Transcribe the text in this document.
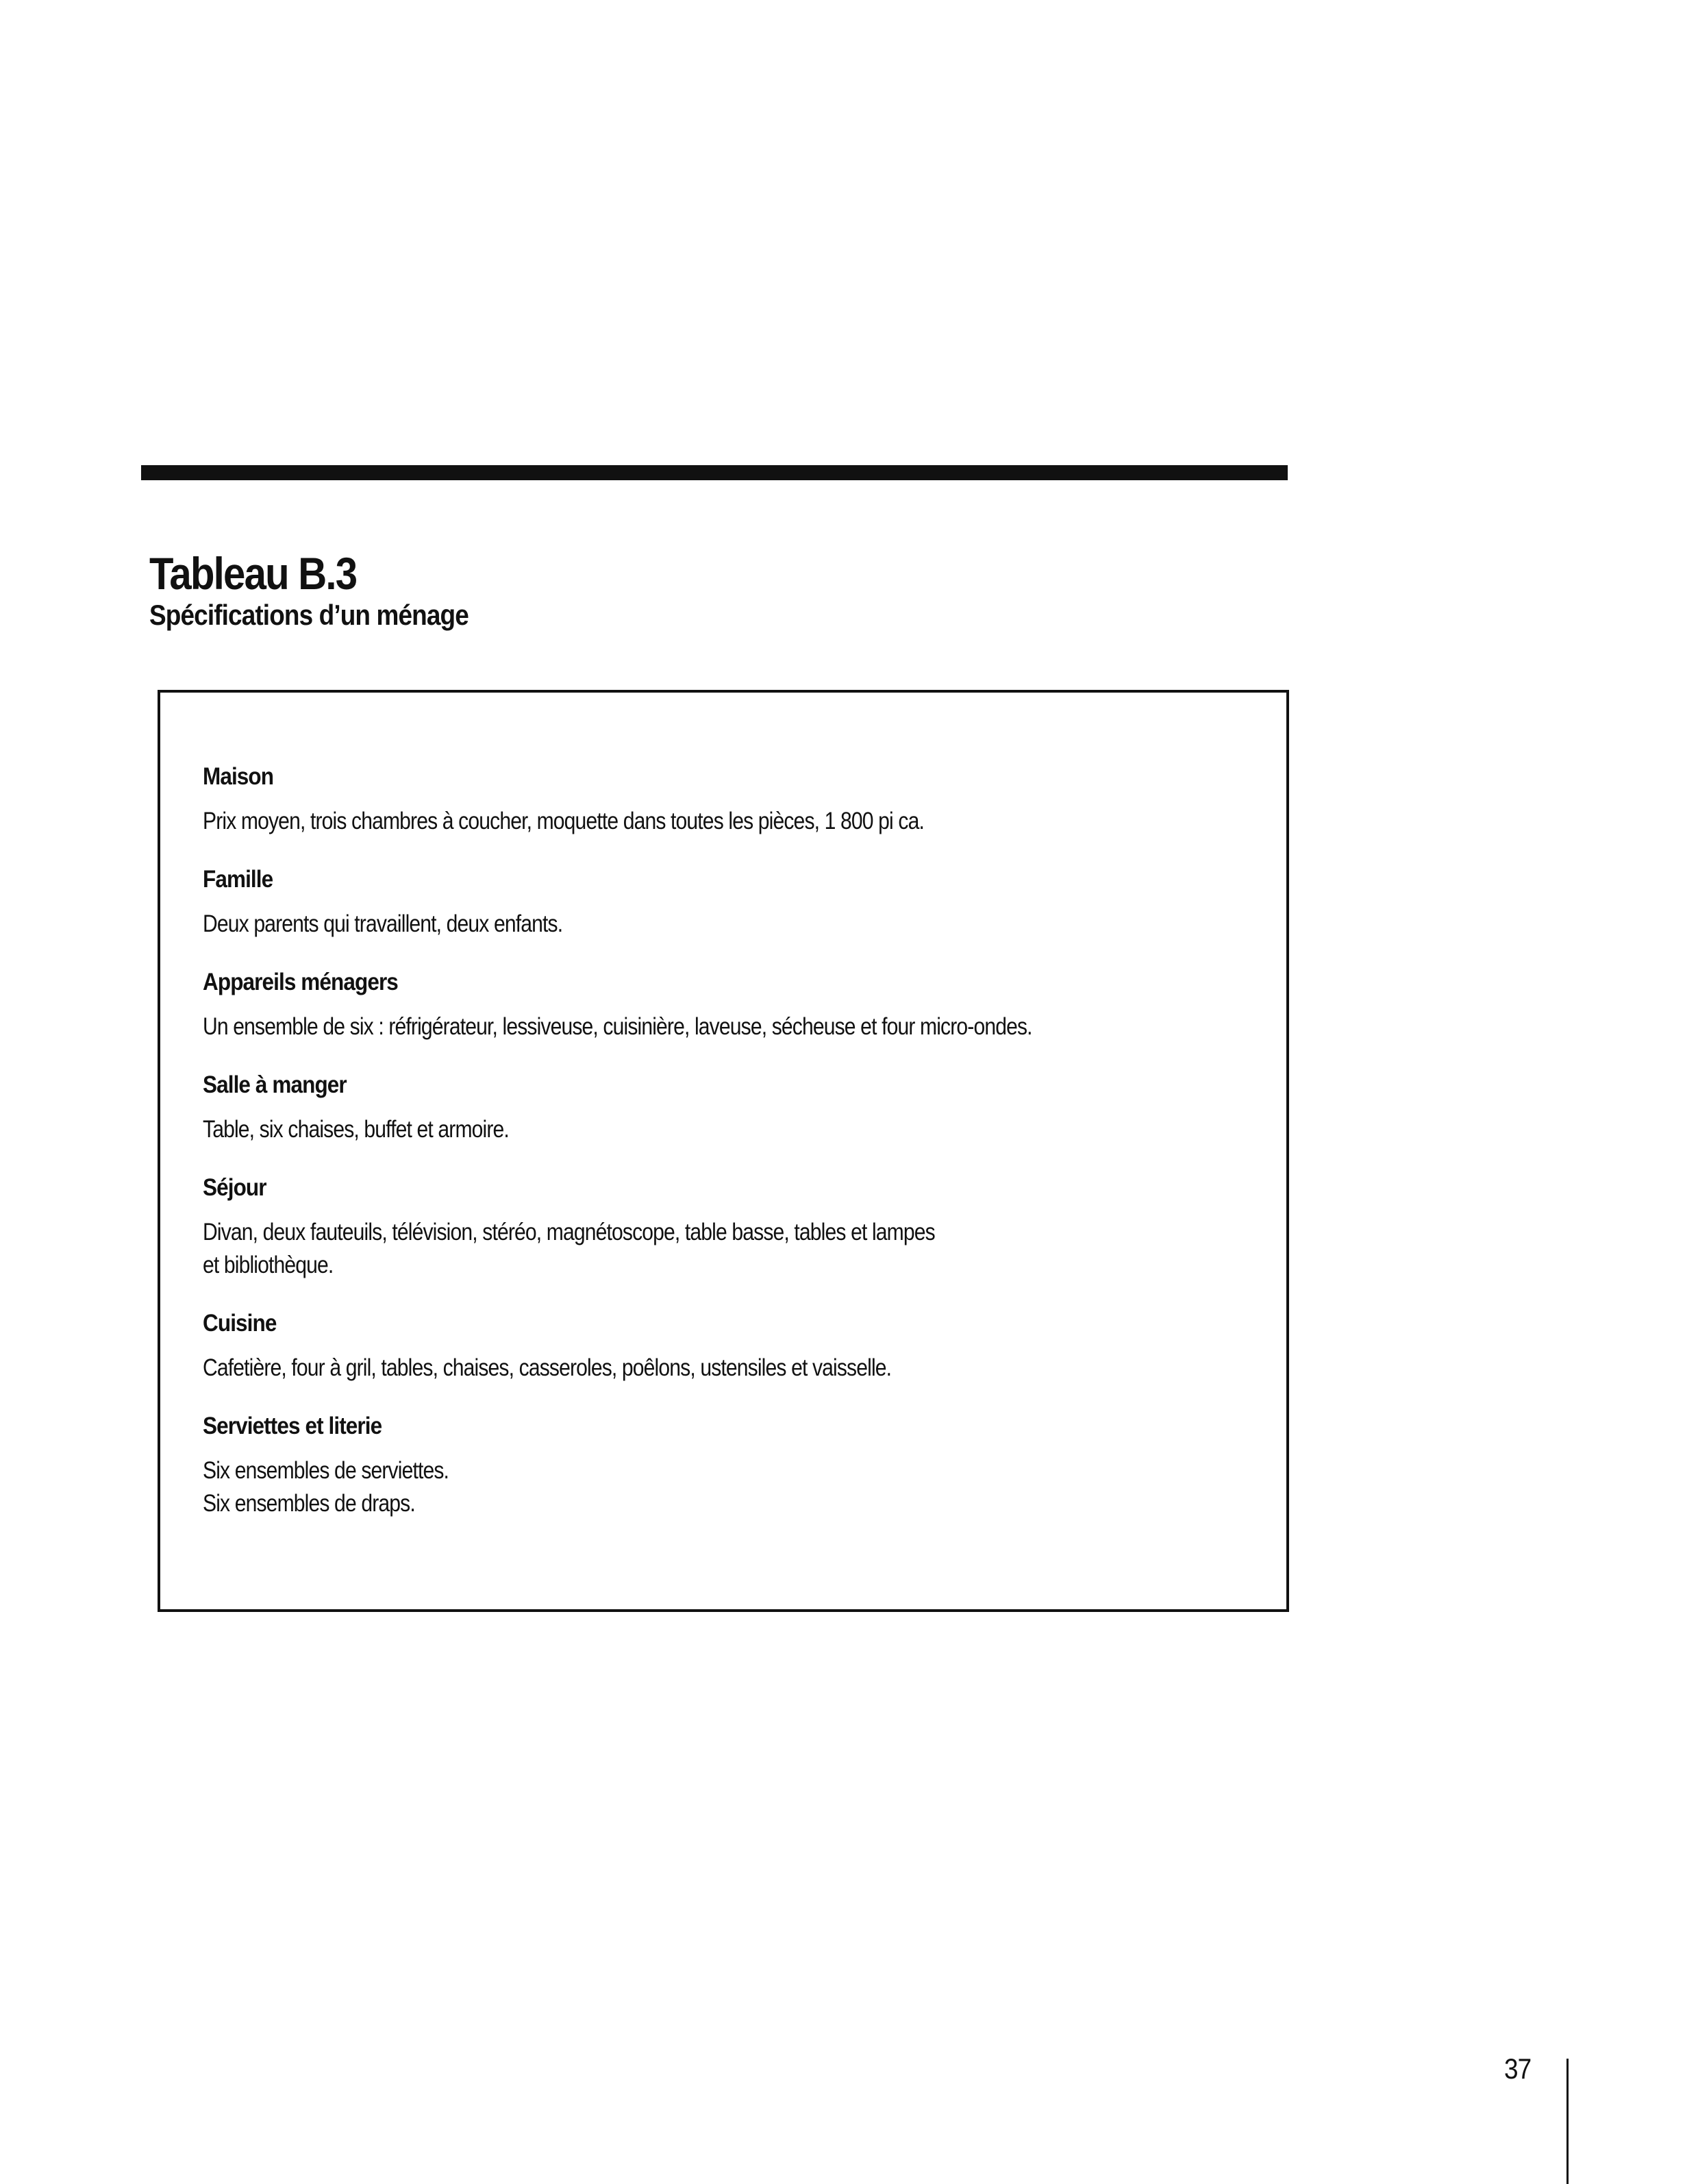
Tableau B.3
Spécifications d’un ménage
Maison
Prix moyen, trois chambres à coucher, moquette dans toutes les pièces, 1 800 pi ca.
Famille
Deux parents qui travaillent, deux enfants.
Appareils ménagers
Un ensemble de six : réfrigérateur, lessiveuse, cuisinière, laveuse, sécheuse et four micro-ondes.
Salle à manger
Table, six chaises, buffet et armoire.
Séjour
Divan, deux fauteuils, télévision, stéréo, magnétoscope, table basse, tables et lampes
et bibliothèque.
Cuisine
Cafetière, four à gril, tables, chaises, casseroles, poêlons, ustensiles et vaisselle.
Serviettes et literie
Six ensembles de serviettes.
Six ensembles de draps.
37
